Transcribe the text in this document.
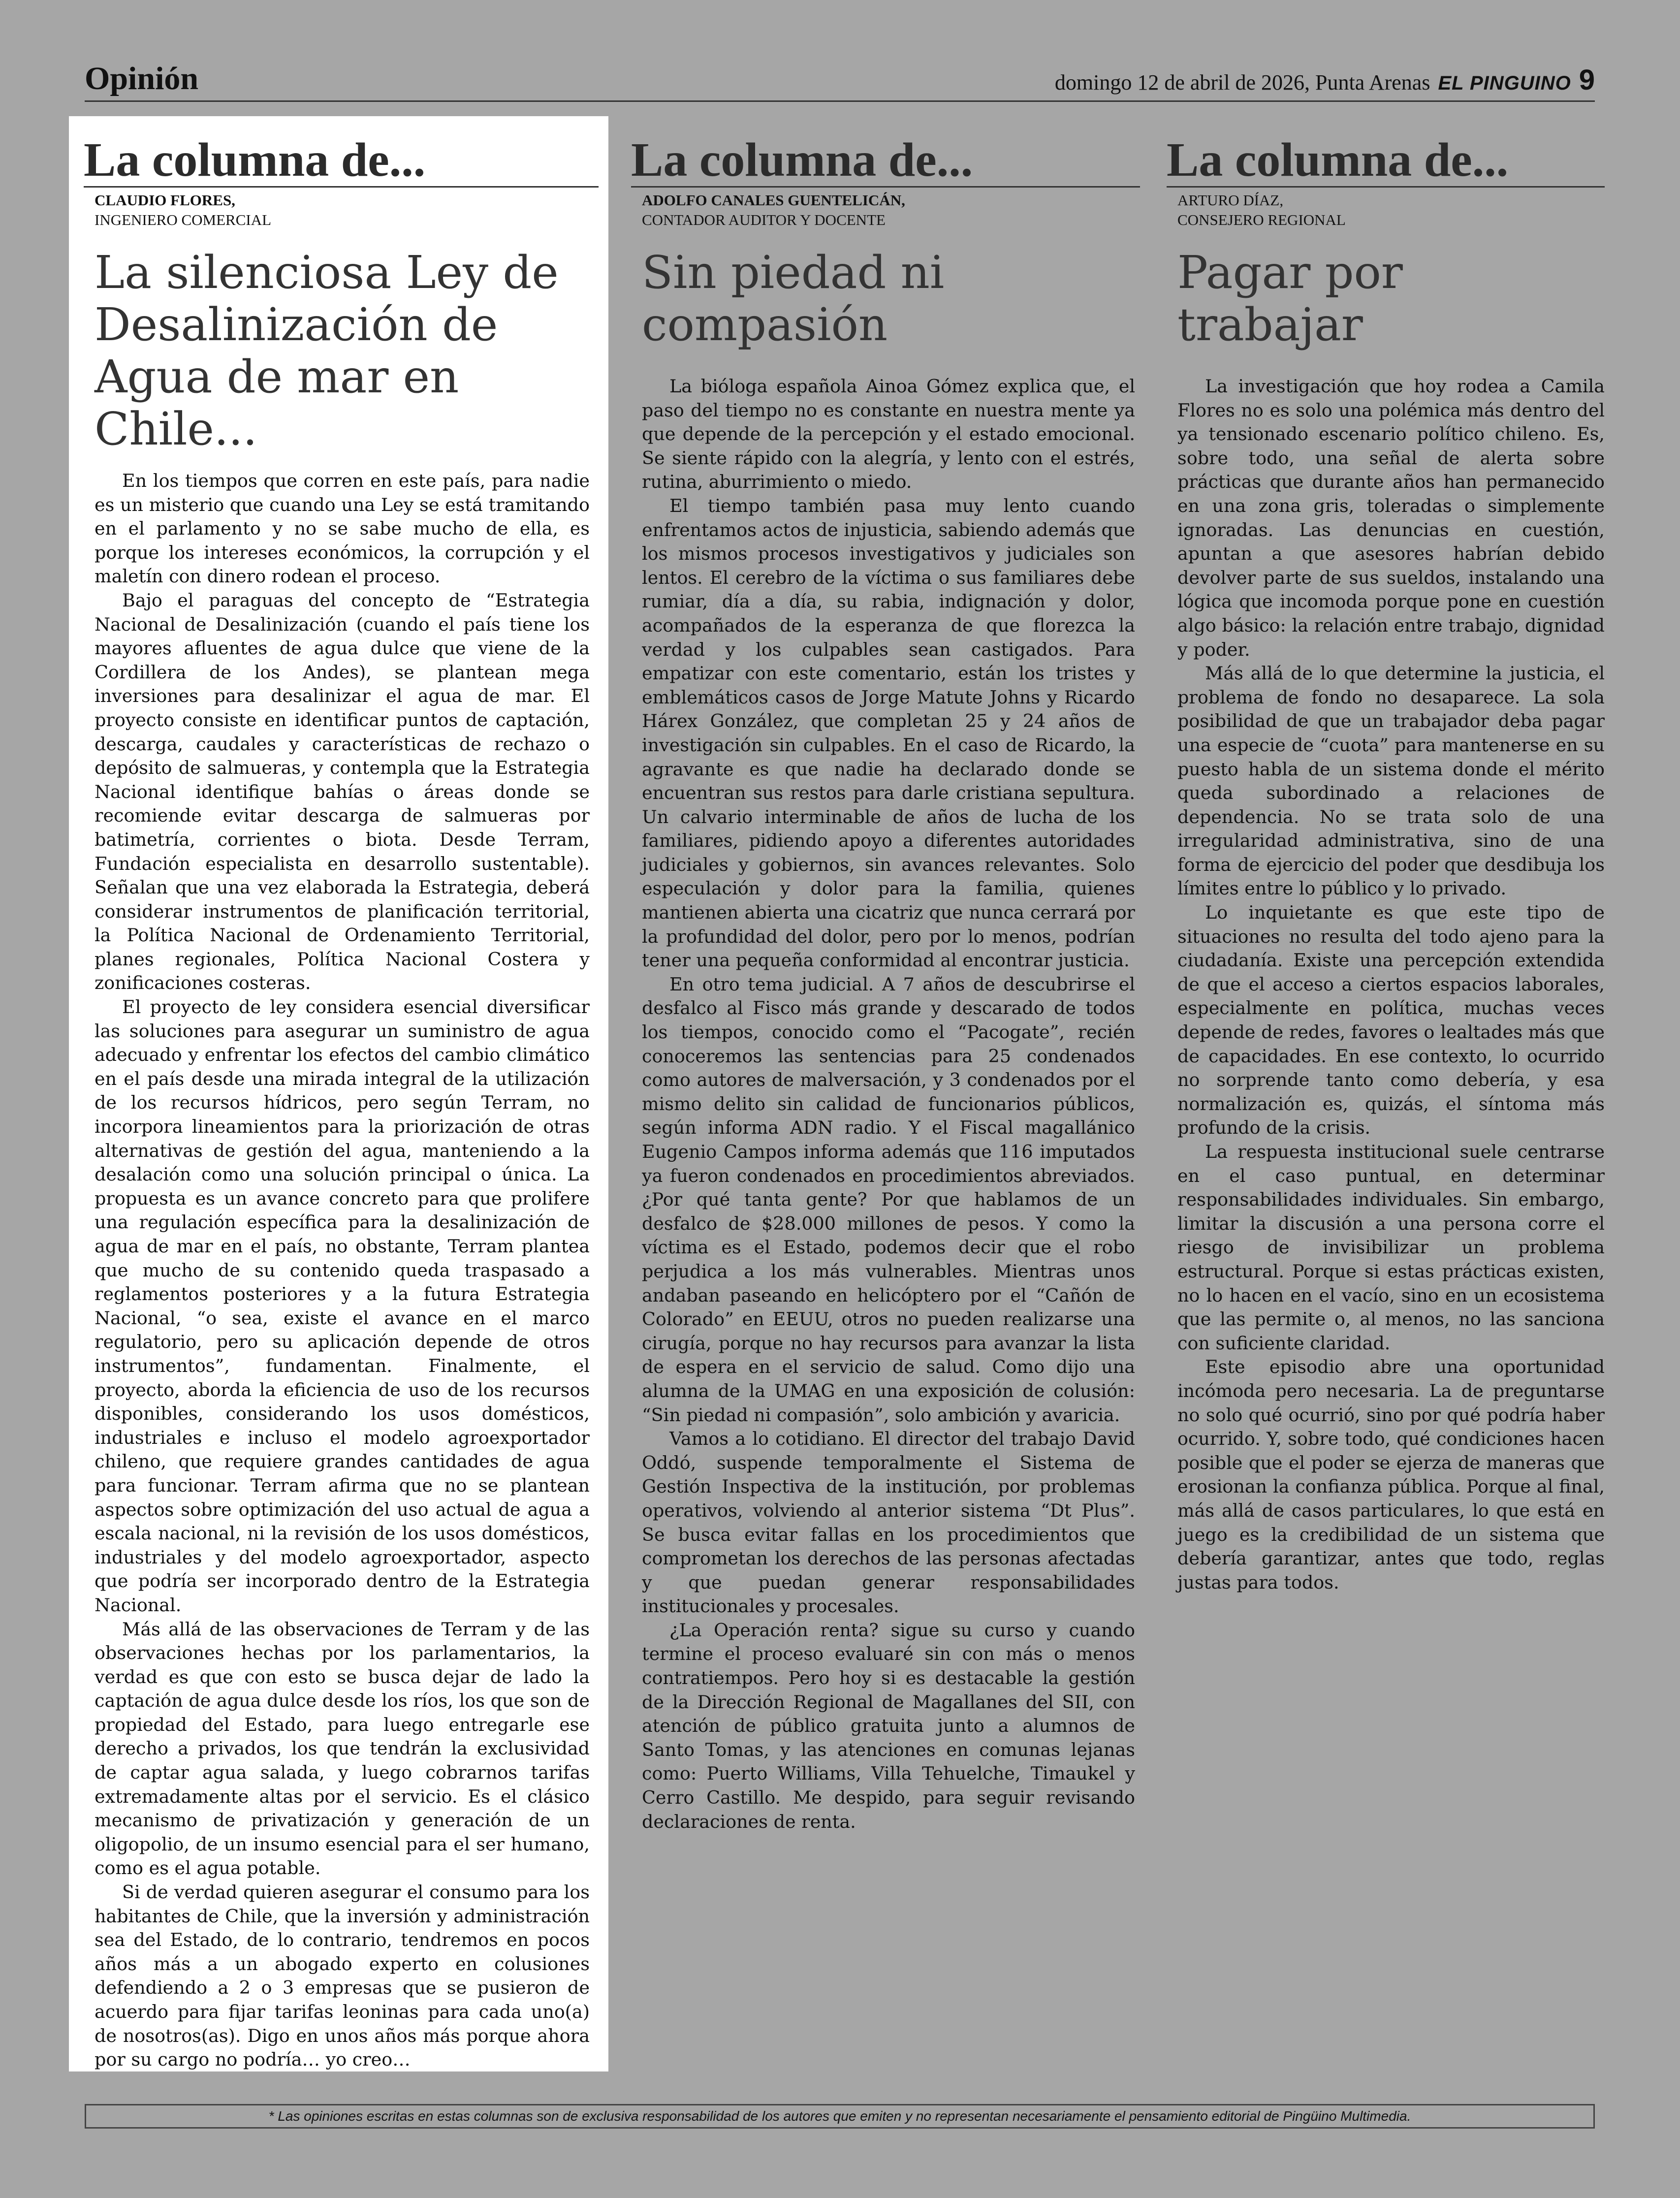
Opinión	domingo 12 de abril de 2026, Punta Arenas EL PINGUINO 9
La columna de...
CLAUDIO FLORES,
INGENIERO COMERCIAL
La silenciosa Ley de Desalinización de Agua de mar en Chile...

En los tiempos que corren en este país, para nadie es un misterio que cuando una Ley se está tramitando en el parlamento y no se sabe mucho de ella, es porque los intereses económicos, la corrupción y el maletín con dinero rodean el proceso.

Bajo el paraguas del concepto de “Estrategia Nacional de Desalinización (cuando el país tiene los mayores afluentes de agua dulce que viene de la Cordillera de los Andes), se plantean mega inversiones para desalinizar el agua de mar. El proyecto consiste en identificar puntos de captación, descarga, caudales y características de rechazo o depósito de salmueras, y contempla que la Estrategia Nacional identifique bahías o áreas donde se recomiende evitar descarga de salmueras por batimetría, corrientes o biota. Desde Terram, Fundación especialista en desarrollo sustentable). Señalan que una vez elaborada la Estrategia, deberá considerar instrumentos de planificación territorial, la Política Nacional de Ordenamiento Territorial, planes regionales, Política Nacional Costera y zonificaciones costeras.

El proyecto de ley considera esencial diversificar las soluciones para asegurar un suministro de agua adecuado y enfrentar los efectos del cambio climático en el país desde una mirada integral de la utilización de los recursos hídricos, pero según Terram, no incorpora lineamientos para la priorización de otras alternativas de gestión del agua, manteniendo a la desalación como una solución principal o única. La propuesta es un avance concreto para que prolifere una regulación específica para la desalinización de agua de mar en el país, no obstante, Terram plantea que mucho de su contenido queda traspasado a reglamentos posteriores y a la futura Estrategia Nacional, “o sea, existe el avance en el marco regulatorio, pero su aplicación depende de otros instrumentos”, fundamentan. Finalmente, el proyecto, aborda la eficiencia de uso de los recursos disponibles, considerando los usos domésticos, industriales e incluso el modelo agroexportador chileno, que requiere grandes cantidades de agua para funcionar. Terram afirma que no se plantean aspectos sobre optimización del uso actual de agua a escala nacional, ni la revisión de los usos domésticos, industriales y del modelo agroexportador, aspecto que podría ser incorporado dentro de la Estrategia Nacional.

Más allá de las observaciones de Terram y de las observaciones hechas por los parlamentarios, la verdad es que con esto se busca dejar de lado la captación de agua dulce desde los ríos, los que son de propiedad del Estado, para luego entregarle ese derecho a privados, los que tendrán la exclusividad de captar agua salada, y luego cobrarnos tarifas extremadamente altas por el servicio. Es el clásico mecanismo de privatización y generación de un oligopolio, de un insumo esencial para el ser humano, como es el agua potable.

Si de verdad quieren asegurar el consumo para los habitantes de Chile, que la inversión y administración sea del Estado, de lo contrario, tendremos en pocos años más a un abogado experto en colusiones defendiendo a 2 o 3 empresas que se pusieron de acuerdo para fijar tarifas leoninas para cada uno(a) de nosotros(as). Digo en unos años más porque ahora por su cargo no podría… yo creo…

La columna de...
ADOLFO CANALES GUENTELICÁN,
CONTADOR AUDITOR Y DOCENTE
Sin piedad ni compasión

La bióloga española Ainoa Gómez explica que, el paso del tiempo no es constante en nuestra mente ya que depende de la percepción y el estado emocional. Se siente rápido con la alegría, y lento con el estrés, rutina, aburrimiento o miedo.

El tiempo también pasa muy lento cuando enfrentamos actos de injusticia, sabiendo además que los mismos procesos investigativos y judiciales son lentos. El cerebro de la víctima o sus familiares debe rumiar, día a día, su rabia, indignación y dolor, acompañados de la esperanza de que florezca la verdad y los culpables sean castigados. Para empatizar con este comentario, están los tristes y emblemáticos casos de Jorge Matute Johns y Ricardo Hárex González, que completan 25 y 24 años de investigación sin culpables. En el caso de Ricardo, la agravante es que nadie ha declarado donde se encuentran sus restos para darle cristiana sepultura. Un calvario interminable de años de lucha de los familiares, pidiendo apoyo a diferentes autoridades judiciales y gobiernos, sin avances relevantes. Solo especulación y dolor para la familia, quienes mantienen abierta una cicatriz que nunca cerrará por la profundidad del dolor, pero por lo menos, podrían tener una pequeña conformidad al encontrar justicia.

En otro tema judicial. A 7 años de descubrirse el desfalco al Fisco más grande y descarado de todos los tiempos, conocido como el “Pacogate”, recién conoceremos las sentencias para 25 condenados como autores de malversación, y 3 condenados por el mismo delito sin calidad de funcionarios públicos, según informa ADN radio. Y el Fiscal magallánico Eugenio Campos informa además que 116 imputados ya fueron condenados en procedimientos abreviados. ¿Por qué tanta gente? Por que hablamos de un desfalco de $28.000 millones de pesos. Y como la víctima es el Estado, podemos decir que el robo perjudica a los más vulnerables. Mientras unos andaban paseando en helicóptero por el “Cañón de Colorado” en EEUU, otros no pueden realizarse una cirugía, porque no hay recursos para avanzar la lista de espera en el servicio de salud. Como dijo una alumna de la UMAG en una exposición de colusión: “Sin piedad ni compasión”, solo ambición y avaricia.

Vamos a lo cotidiano. El director del trabajo David Oddó, suspende temporalmente el Sistema de Gestión Inspectiva de la institución, por problemas operativos, volviendo al anterior sistema “Dt Plus”. Se busca evitar fallas en los procedimientos que comprometan los derechos de las personas afectadas y que puedan generar responsabilidades institucionales y procesales.

¿La Operación renta? sigue su curso y cuando termine el proceso evaluaré sin con más o menos contratiempos. Pero hoy si es destacable la gestión de la Dirección Regional de Magallanes del SII, con atención de público gratuita junto a alumnos de Santo Tomas, y las atenciones en comunas lejanas como: Puerto Williams, Villa Tehuelche, Timaukel y Cerro Castillo. Me despido, para seguir revisando declaraciones de renta.

La columna de...
ARTURO DÍAZ,
CONSEJERO REGIONAL
Pagar por trabajar

La investigación que hoy rodea a Camila Flores no es solo una polémica más dentro del ya tensionado escenario político chileno. Es, sobre todo, una señal de alerta sobre prácticas que durante años han permanecido en una zona gris, toleradas o simplemente ignoradas. Las denuncias en cuestión, apuntan a que asesores habrían debido devolver parte de sus sueldos, instalando una lógica que incomoda porque pone en cuestión algo básico: la relación entre trabajo, dignidad y poder.

Más allá de lo que determine la justicia, el problema de fondo no desaparece. La sola posibilidad de que un trabajador deba pagar una especie de “cuota” para mantenerse en su puesto habla de un sistema donde el mérito queda subordinado a relaciones de dependencia. No se trata solo de una irregularidad administrativa, sino de una forma de ejercicio del poder que desdibuja los límites entre lo público y lo privado.

Lo inquietante es que este tipo de situaciones no resulta del todo ajeno para la ciudadanía. Existe una percepción extendida de que el acceso a ciertos espacios laborales, especialmente en política, muchas veces depende de redes, favores o lealtades más que de capacidades. En ese contexto, lo ocurrido no sorprende tanto como debería, y esa normalización es, quizás, el síntoma más profundo de la crisis.

La respuesta institucional suele centrarse en el caso puntual, en determinar responsabilidades individuales. Sin embargo, limitar la discusión a una persona corre el riesgo de invisibilizar un problema estructural. Porque si estas prácticas existen, no lo hacen en el vacío, sino en un ecosistema que las permite o, al menos, no las sanciona con suficiente claridad.

Este episodio abre una oportunidad incómoda pero necesaria. La de preguntarse no solo qué ocurrió, sino por qué podría haber ocurrido. Y, sobre todo, qué condiciones hacen posible que el poder se ejerza de maneras que erosionan la confianza pública. Porque al final, más allá de casos particulares, lo que está en juego es la credibilidad de un sistema que debería garantizar, antes que todo, reglas justas para todos.

* Las opiniones escritas en estas columnas son de exclusiva responsabilidad de los autores que emiten y no representan necesariamente el pensamiento editorial de Pingüino Multimedia.
